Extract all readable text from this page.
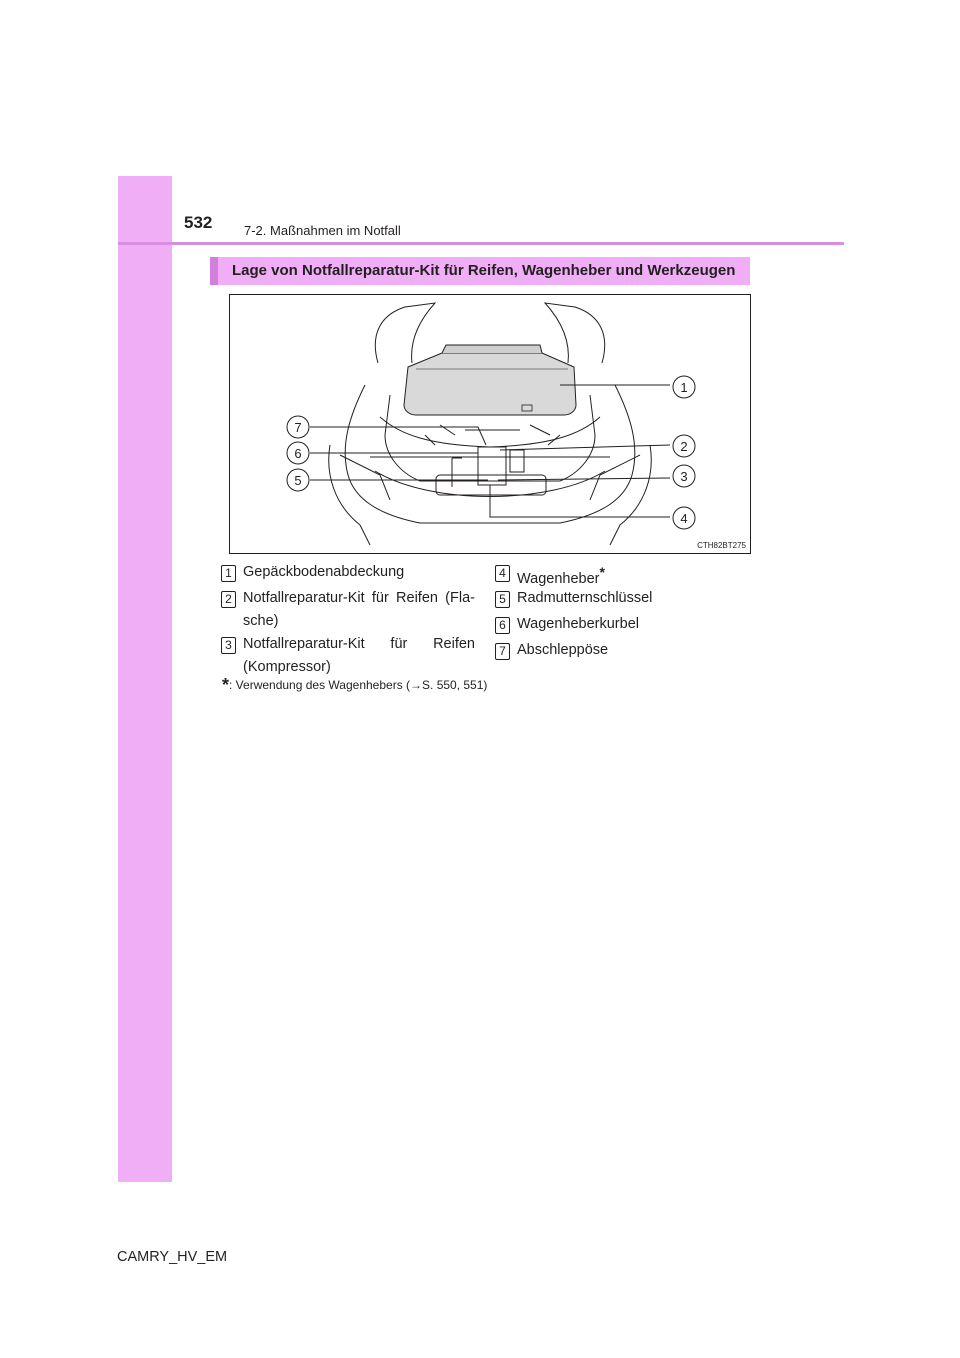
532 7-2. Maßnahmen im Notfall
Lage von Notfallreparatur-Kit für Reifen, Wagenheber und Werkzeugen
1
2
3
4
5
6
7
CTH82BT275
1 Gepäckbodenabdeckung
2 Notfallreparatur-Kit für Reifen (Fla-
sche)
3 Notfallreparatur-Kit für Reifen
(Kompressor)
4 Wagenheber*
5 Radmutternschlüssel
6 Wagenheberkurbel
7 Abschleppöse
*: Verwendung des Wagenhebers (→S. 550, 551)
CAMRY_HV_EM
